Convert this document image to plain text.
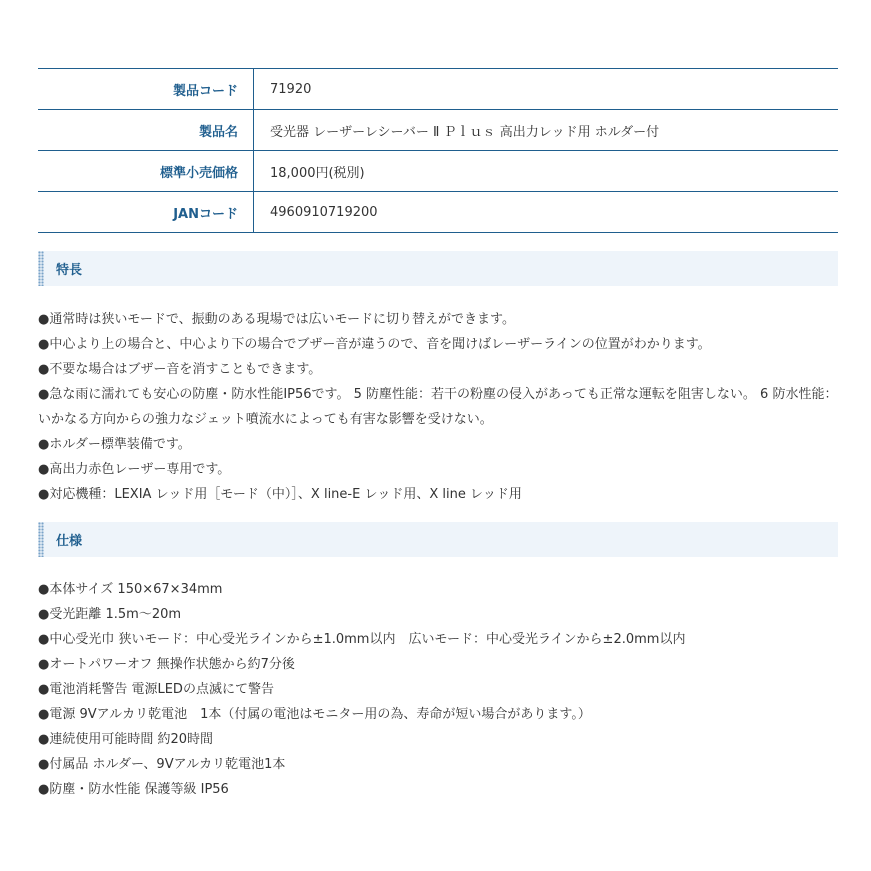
製品コード	71920
製品名	受光器 レーザーレシーバー Ⅱ Ｐｌｕｓ 高出力レッド用 ホルダー付
標準小売価格	18,000円(税別)
JANコード	4960910719200
特長
●通常時は狭いモードで、振動のある現場では広いモードに切り替えができます。
●中心より上の場合と、中心より下の場合でブザー音が違うので、音を聞けばレーザーラインの位置がわかります。
●不要な場合はブザー音を消すこともできます。
●急な雨に濡れても安心の防塵・防水性能IP56です。 5 防塵性能：若干の粉塵の侵入があっても正常な運転を阻害しない。 6 防水性能：いかなる方向からの強力なジェット噴流水によっても有害な影響を受けない。
●ホルダー標準装備です。
●高出力赤色レーザー専用です。
●対応機種：LEXIA レッド用［モード（中）］、X line-E レッド用、X line レッド用
仕様
●本体サイズ 150×67×34mm
●受光距離 1.5m～20m
●中心受光巾 狭いモード：中心受光ラインから±1.0mm以内　広いモード：中心受光ラインから±2.0mm以内
●オートパワーオフ 無操作状態から約7分後
●電池消耗警告 電源LEDの点滅にて警告
●電源 9Vアルカリ乾電池　1本（付属の電池はモニター用の為、寿命が短い場合があります。）
●連続使用可能時間 約20時間
●付属品 ホルダー、9Vアルカリ乾電池1本
●防塵・防水性能 保護等級 IP56
